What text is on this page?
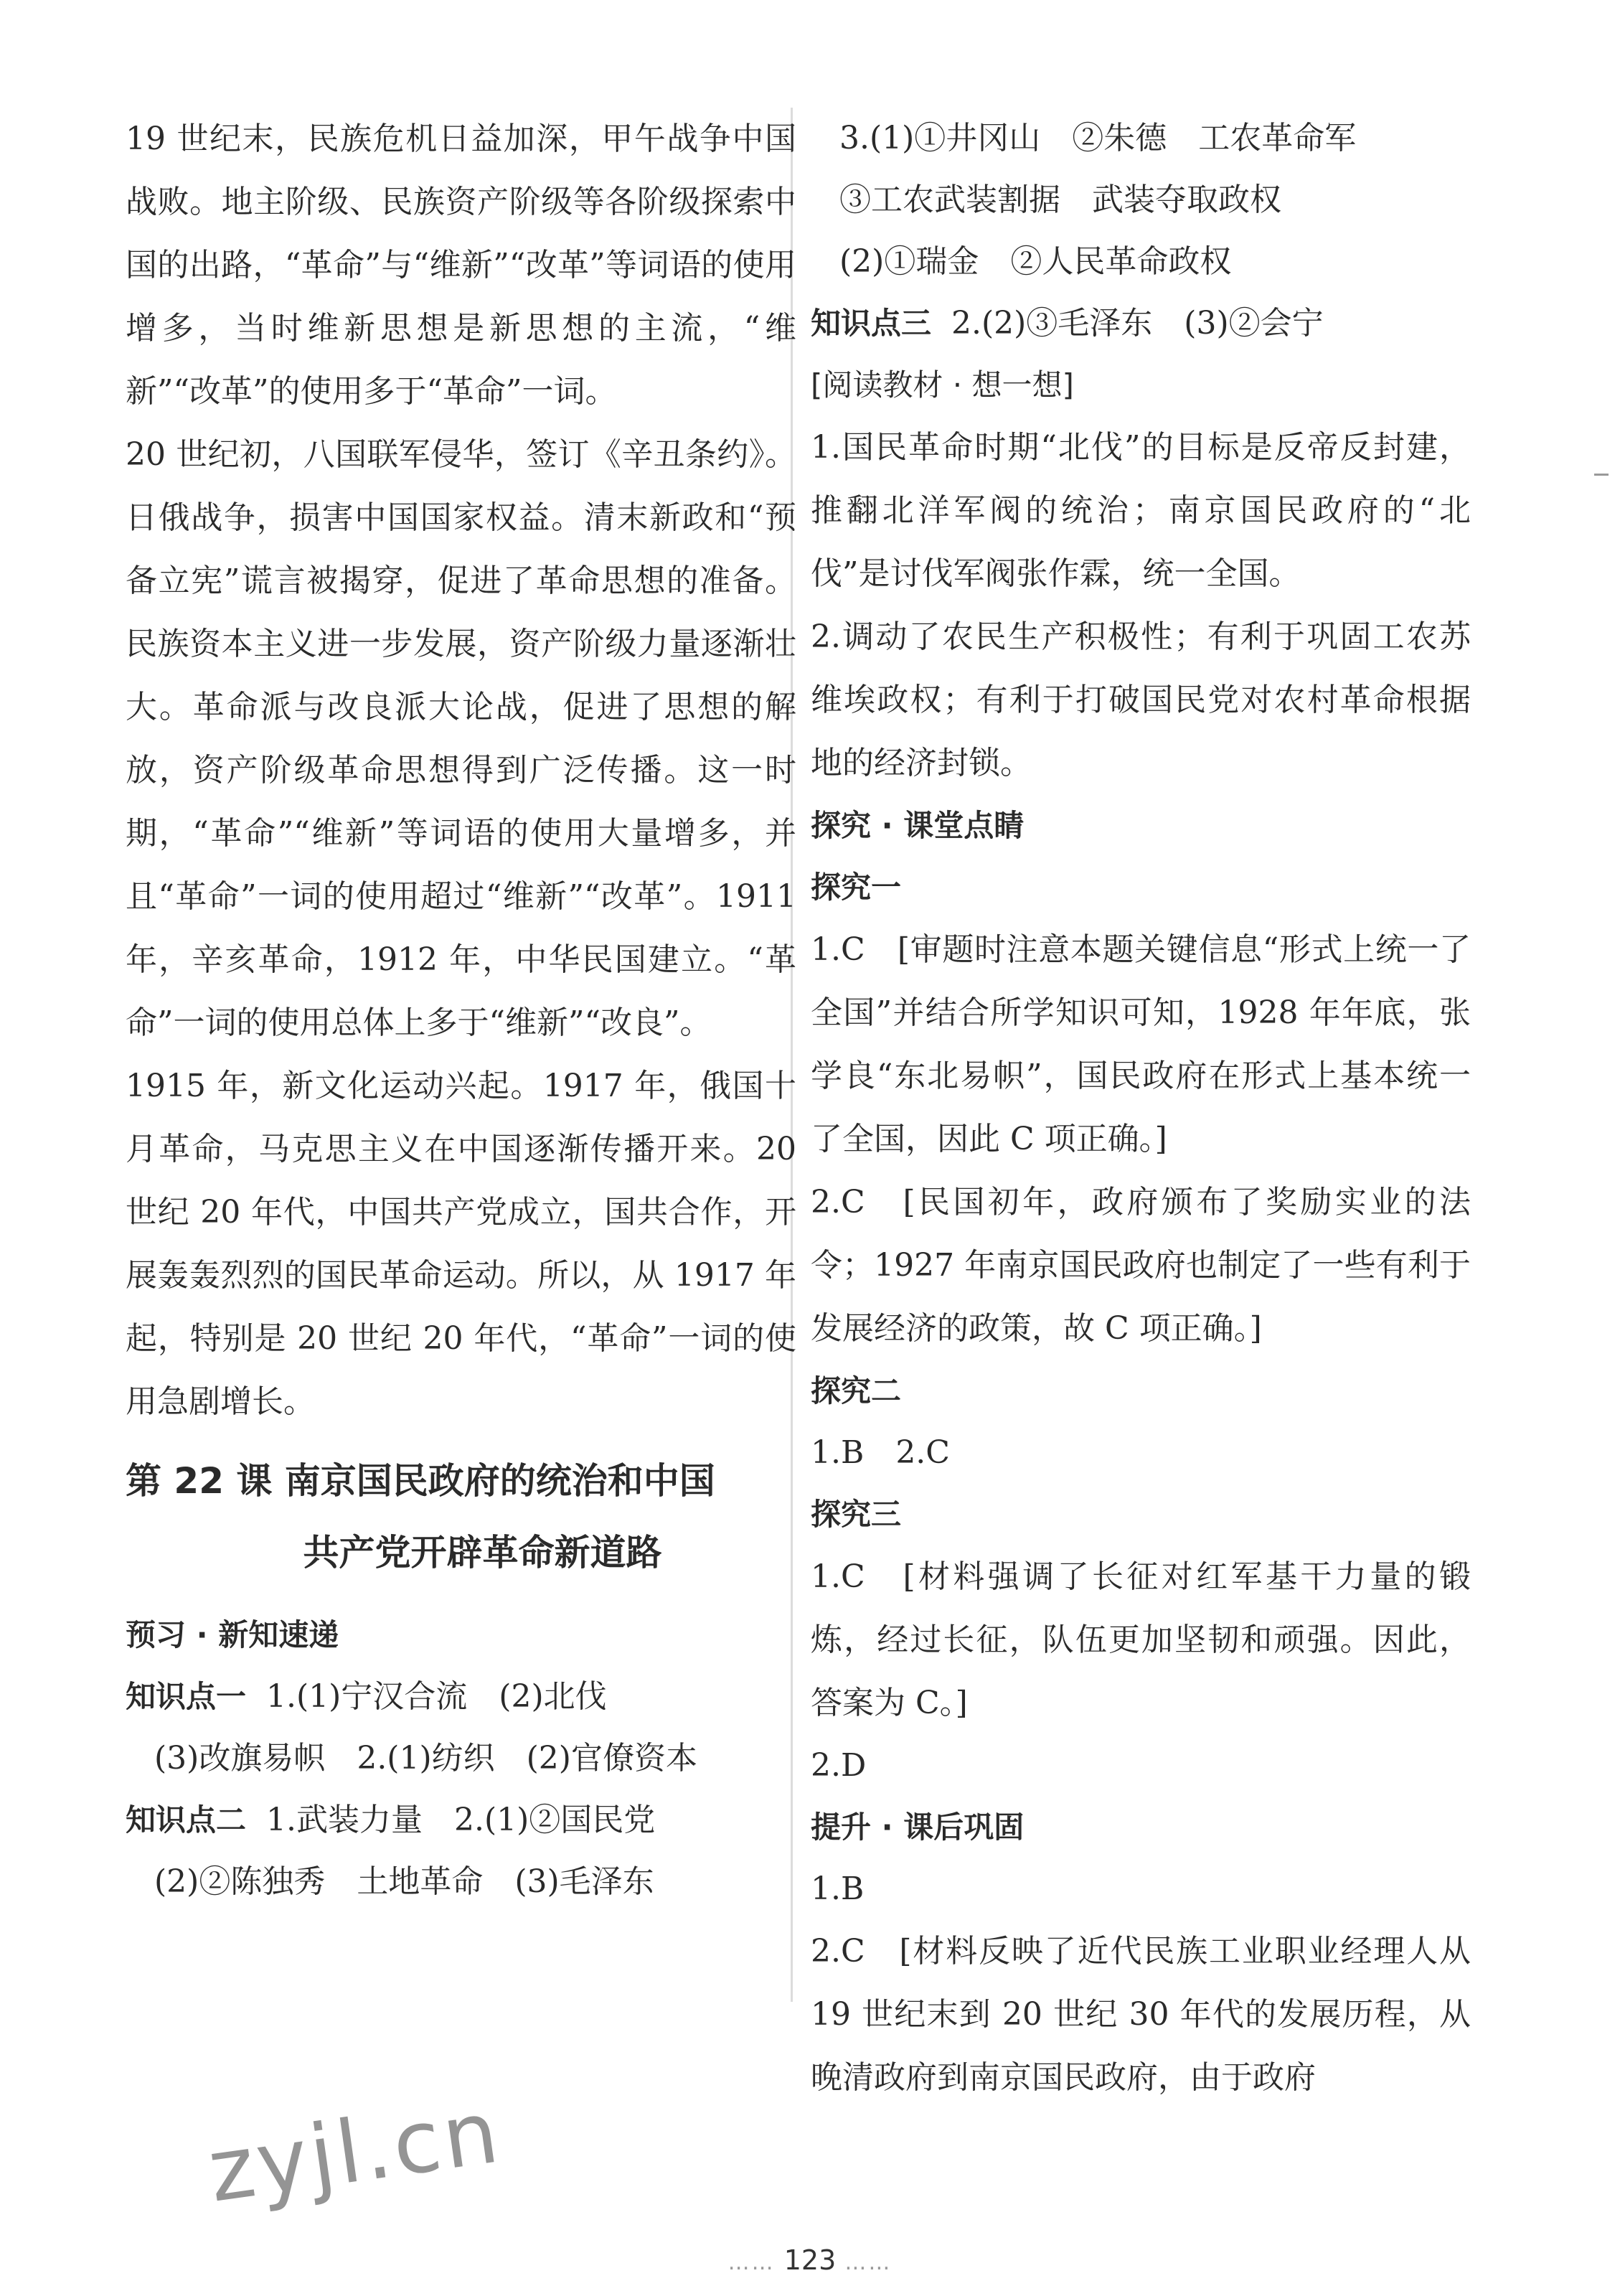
19 世纪末，民族危机日益加深，甲午战争中国战败。地主阶级、民族资产阶级等各阶级探索中国的出路，“革命”与“维新”“改革”等词语的使用增多，当时维新思想是新思想的主流，“维新”“改革”的使用多于“革命”一词。

20 世纪初，八国联军侵华，签订《辛丑条约》。日俄战争，损害中国国家权益。清末新政和“预备立宪”谎言被揭穿，促进了革命思想的准备。民族资本主义进一步发展，资产阶级力量逐渐壮大。革命派与改良派大论战，促进了思想的解放，资产阶级革命思想得到广泛传播。这一时期，“革命”“维新”等词语的使用大量增多，并且“革命”一词的使用超过“维新”“改革”。1911 年，辛亥革命，1912 年，中华民国建立。“革命”一词的使用总体上多于“维新”“改良”。

1915 年，新文化运动兴起。1917 年，俄国十月革命，马克思主义在中国逐渐传播开来。20 世纪 20 年代，中国共产党成立，国共合作，开展轰轰烈烈的国民革命运动。所以，从 1917 年起，特别是 20 世纪 20 年代，“革命”一词的使用急剧增长。

第 22 课 南京国民政府的统治和中国
共产党开辟革命新道路
预习 · 新知速递
知识点一 1.(1)宁汉合流　(2)北伐
(3)改旗易帜　2.(1)纺织　(2)官僚资本
知识点二 1.武装力量　2.(1)②国民党
(2)②陈独秀　土地革命　(3)毛泽东
3.(1)①井冈山　②朱德　工农革命军
③工农武装割据　武装夺取政权
(2)①瑞金　②人民革命政权
知识点三 2.(2)③毛泽东　(3)②会宁
[阅读教材 · 想一想]

1.国民革命时期“北伐”的目标是反帝反封建，推翻北洋军阀的统治；南京国民政府的“北伐”是讨伐军阀张作霖，统一全国。

2.调动了农民生产积极性；有利于巩固工农苏维埃政权；有利于打破国民党对农村革命根据地的经济封锁。

探究 · 课堂点睛
探究一

1.C　[审题时注意本题关键信息“形式上统一了全国”并结合所学知识可知，1928 年年底，张学良“东北易帜”，国民政府在形式上基本统一了全国，因此 C 项正确。]

2.C　[民国初年，政府颁布了奖励实业的法令；1927 年南京国民政府也制定了一些有利于发展经济的政策，故 C 项正确。]

探究二
1.B　2.C
探究三

1.C　[材料强调了长征对红军基干力量的锻炼，经过长征，队伍更加坚韧和顽强。因此，答案为 C。]

2.D
提升 · 课后巩固
1.B

2.C　[材料反映了近代民族工业职业经理人从 19 世纪末到 20 世纪 30 年代的发展历程，从晚清政府到南京国民政府，由于政府

zyjl.cn
…… 123 ……
